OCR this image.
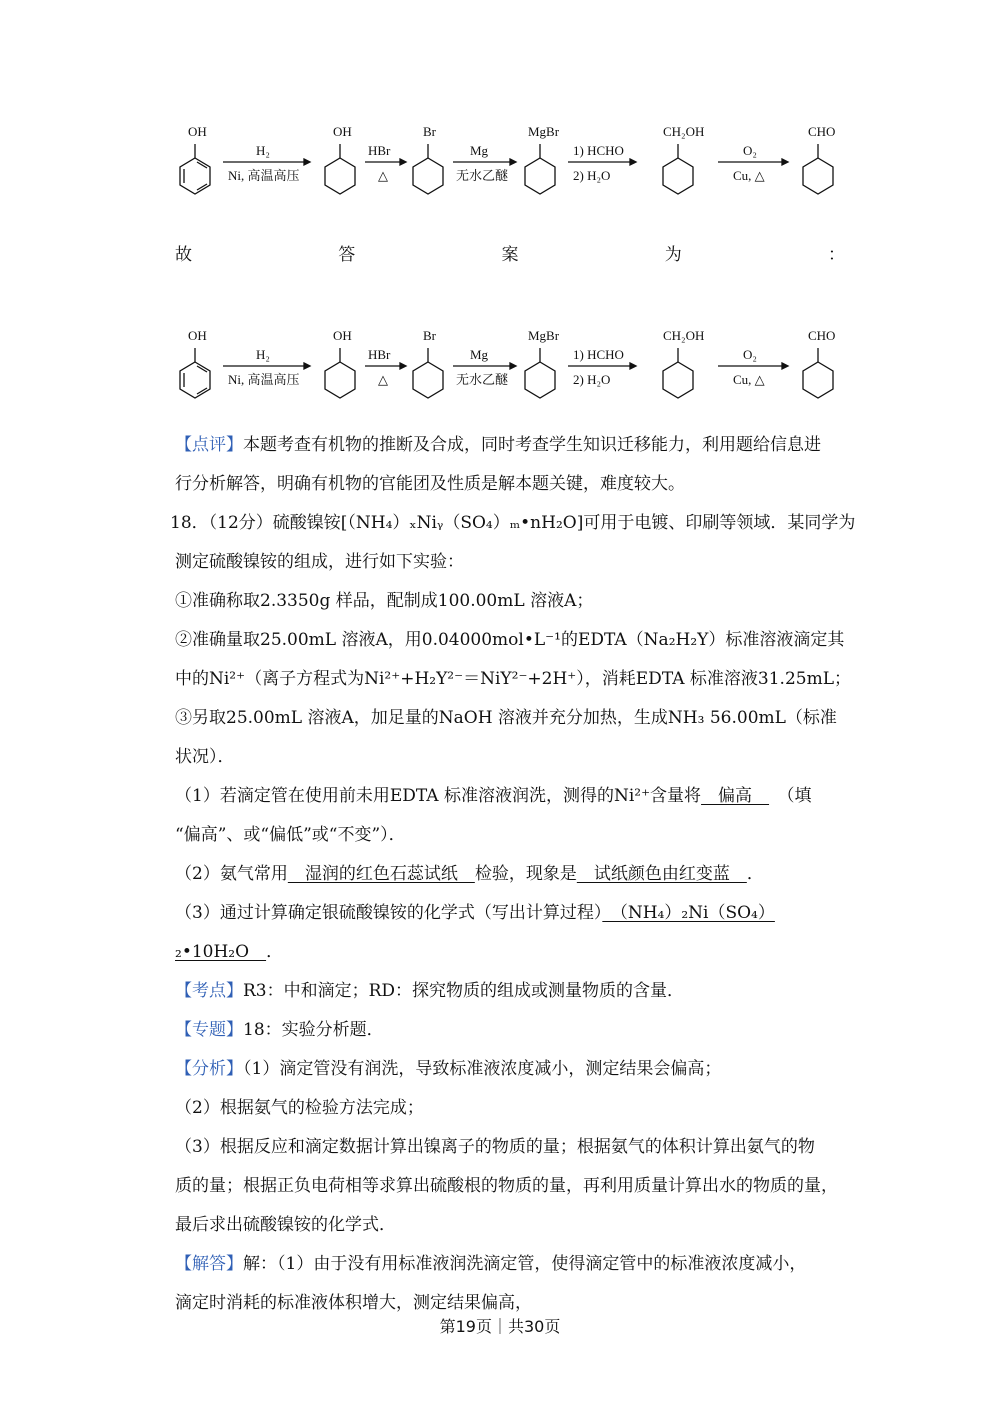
OH	OH	Br	MgBr	CH₂OH	CHO
H₂
Ni, 高温高压
HBr
△
Mg
无水乙醚
1) HCHO
2) H₂O
O₂
Cu, △
故	答	案	为	：
OH	OH	Br	MgBr	CH₂OH	CHO
H₂
Ni, 高温高压
HBr
△
Mg
无水乙醚
1) HCHO
2) H₂O
O₂
Cu, △
【点评】本题考查有机物的推断及合成，同时考查学生知识迁移能力，利用题给信息进
行分析解答，明确有机物的官能团及性质是解本题关键，难度较大。
18．（12分）硫酸镍铵[（NH₄）ₓNiᵧ（SO₄）ₘ•nH₂O]可用于电镀、印刷等领域．某同学为
测定硫酸镍铵的组成，进行如下实验：
①准确称取2.3350g 样品，配制成100.00mL 溶液A；
②准确量取25.00mL 溶液A，用0.04000mol•L⁻¹的EDTA（Na₂H₂Y）标准溶液滴定其
中的Ni²⁺（离子方程式为Ni²⁺+H₂Y²⁻＝NiY²⁻+2H⁺），消耗EDTA 标准溶液31.25mL；
③另取25.00mL 溶液A，加足量的NaOH 溶液并充分加热，生成NH₃ 56.00mL（标准
状况）．
（1）若滴定管在使用前未用EDTA 标准溶液润洗，测得的Ni²⁺含量将　偏高　　（填
“偏高”、或“偏低”或“不变”）．
（2）氨气常用　湿润的红色石蕊试纸　检验，现象是　试纸颜色由红变蓝　．
（3）通过计算确定银硫酸镍铵的化学式（写出计算过程）　（NH₄）₂Ni（SO₄）
₂•10H₂O　．
【考点】R3：中和滴定；RD：探究物质的组成或测量物质的含量．
【专题】18：实验分析题．
【分析】（1）滴定管没有润洗，导致标准液浓度减小，测定结果会偏高；
（2）根据氨气的检验方法完成；
（3）根据反应和滴定数据计算出镍离子的物质的量；根据氨气的体积计算出氨气的物
质的量；根据正负电荷相等求算出硫酸根的物质的量，再利用质量计算出水的物质的量，
最后求出硫酸镍铵的化学式．
【解答】解：（1）由于没有用标准液润洗滴定管，使得滴定管中的标准液浓度减小，
滴定时消耗的标准液体积增大，测定结果偏高，
第19页｜共30页
